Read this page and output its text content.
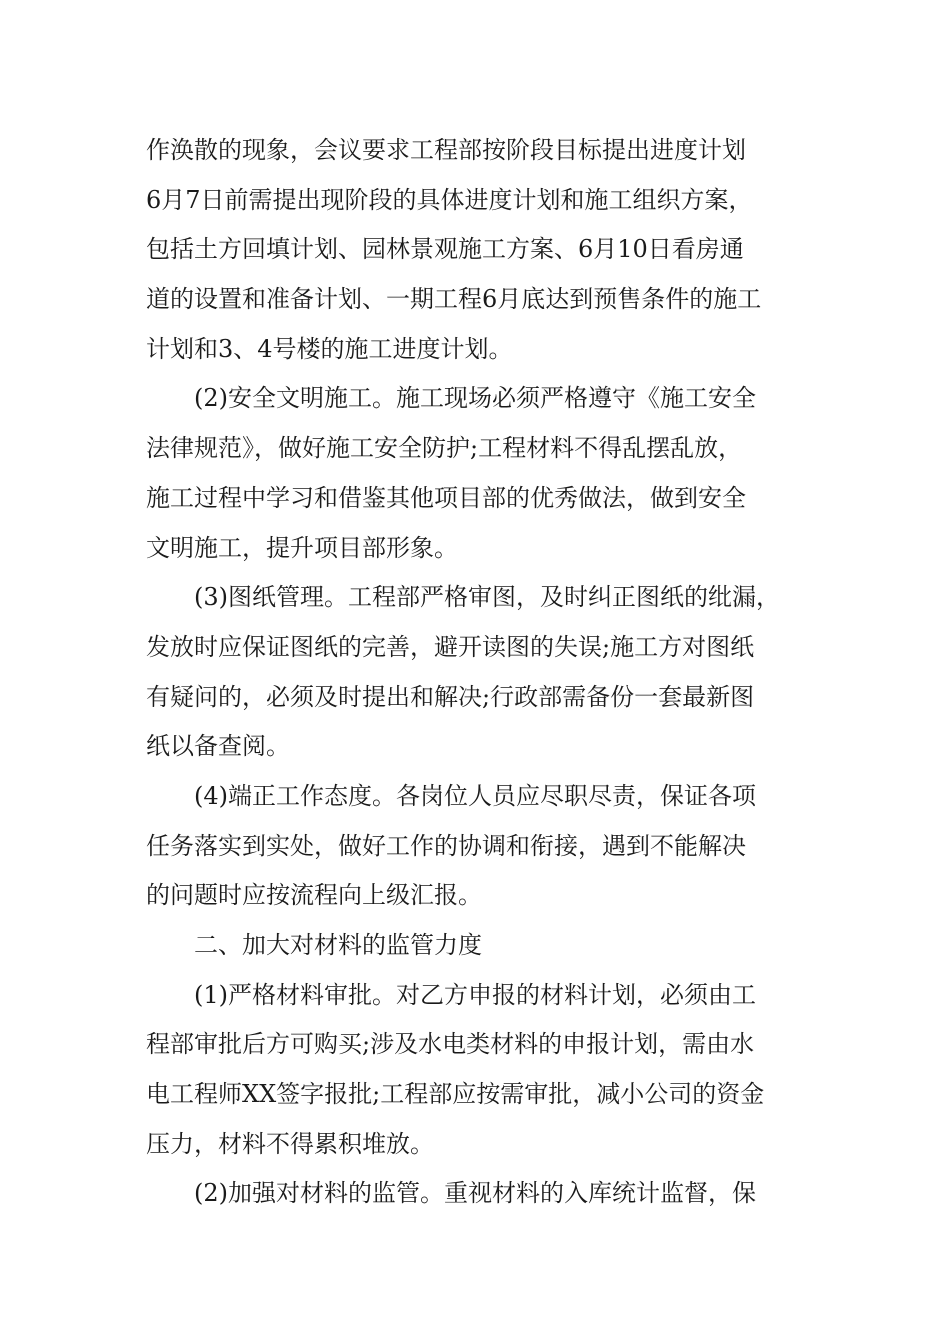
作涣散的现象，会议要求工程部按阶段目标提出进度计划
6月7日前需提出现阶段的具体进度计划和施工组织方案，
包括土方回填计划、园林景观施工方案、6月10日看房通
道的设置和准备计划、一期工程6月底达到预售条件的施工
计划和3、4号楼的施工进度计划。
(2)安全文明施工。施工现场必须严格遵守《施工安全
法律规范》，做好施工安全防护;工程材料不得乱摆乱放，
施工过程中学习和借鉴其他项目部的优秀做法，做到安全
文明施工，提升项目部形象。
(3)图纸管理。工程部严格审图，及时纠正图纸的纰漏，
发放时应保证图纸的完善，避开读图的失误;施工方对图纸
有疑问的，必须及时提出和解决;行政部需备份一套最新图
纸以备查阅。
(4)端正工作态度。各岗位人员应尽职尽责，保证各项
任务落实到实处，做好工作的协调和衔接，遇到不能解决
的问题时应按流程向上级汇报。
二、加大对材料的监管力度
(1)严格材料审批。对乙方申报的材料计划，必须由工
程部审批后方可购买;涉及水电类材料的申报计划，需由水
电工程师XX签字报批;工程部应按需审批，减小公司的资金
压力，材料不得累积堆放。
(2)加强对材料的监管。重视材料的入库统计监督，保
